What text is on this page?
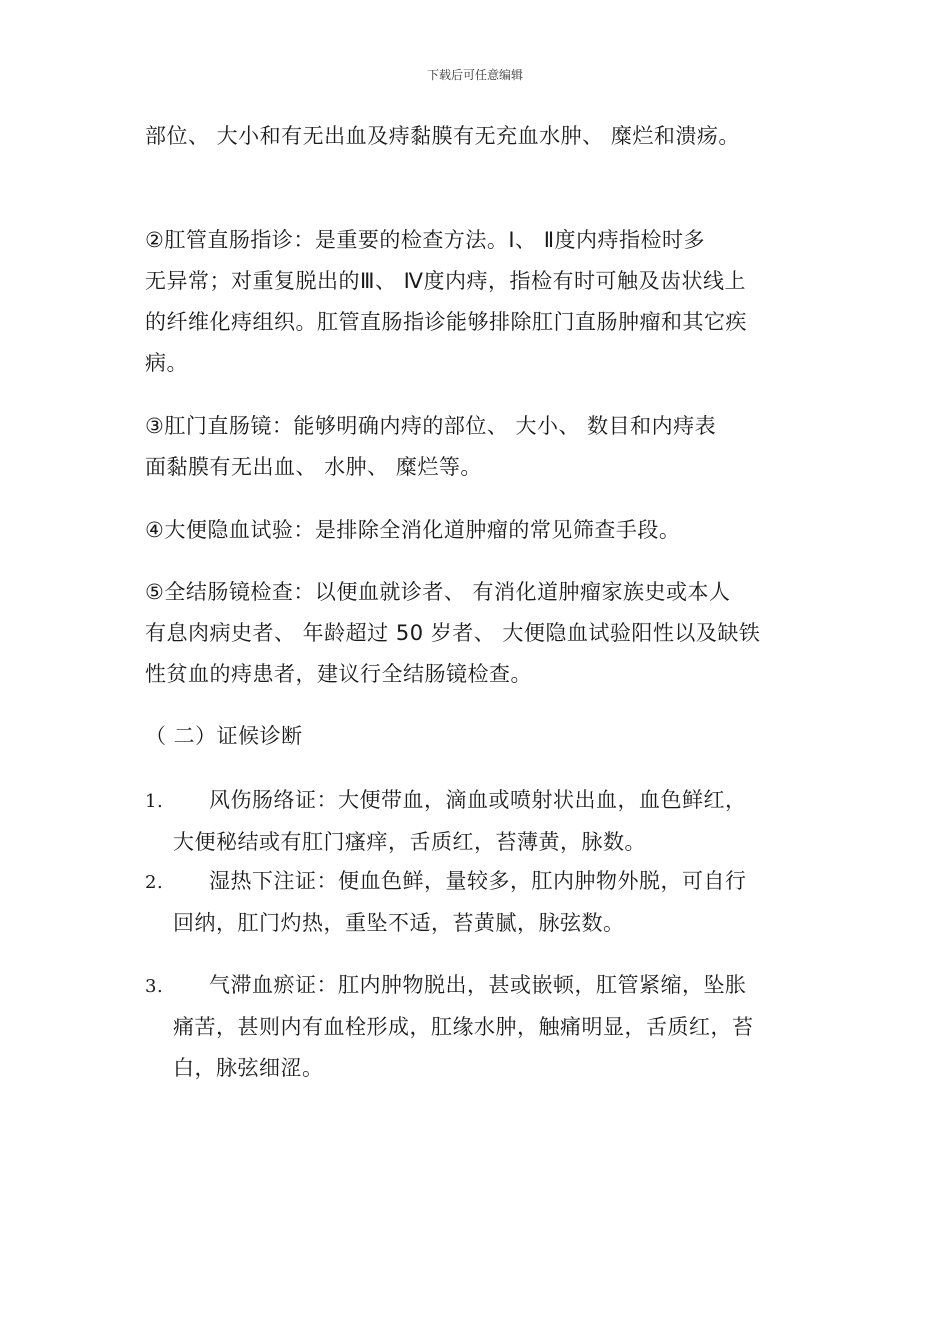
下载后可任意编辑
部位、 大小和有无出血及痔黏膜有无充血水肿、 糜烂和溃疡。
②肛管直肠指诊：是重要的检查方法。Ⅰ、 Ⅱ度内痔指检时多
无异常；对重复脱出的Ⅲ、 Ⅳ度内痔，指检有时可触及齿状线上
的纤维化痔组织。肛管直肠指诊能够排除肛门直肠肿瘤和其它疾
病。
③肛门直肠镜：能够明确内痔的部位、 大小、 数目和内痔表
面黏膜有无出血、 水肿、 糜烂等。
④大便隐血试验：是排除全消化道肿瘤的常见筛查手段。
⑤全结肠镜检查：以便血就诊者、 有消化道肿瘤家族史或本人
有息肉病史者、 年龄超过 50 岁者、 大便隐血试验阳性以及缺铁
性贫血的痔患者，建议行全结肠镜检查。
（ 二）证候诊断
1. 风伤肠络证：大便带血，滴血或喷射状出血，血色鲜红，
大便秘结或有肛门瘙痒，舌质红，苔薄黄，脉数。
2. 湿热下注证：便血色鲜，量较多，肛内肿物外脱，可自行
回纳，肛门灼热，重坠不适，苔黄腻，脉弦数。
3. 气滞血瘀证：肛内肿物脱出，甚或嵌顿，肛管紧缩，坠胀
痛苦，甚则内有血栓形成，肛缘水肿，触痛明显，舌质红，苔
白，脉弦细涩。
